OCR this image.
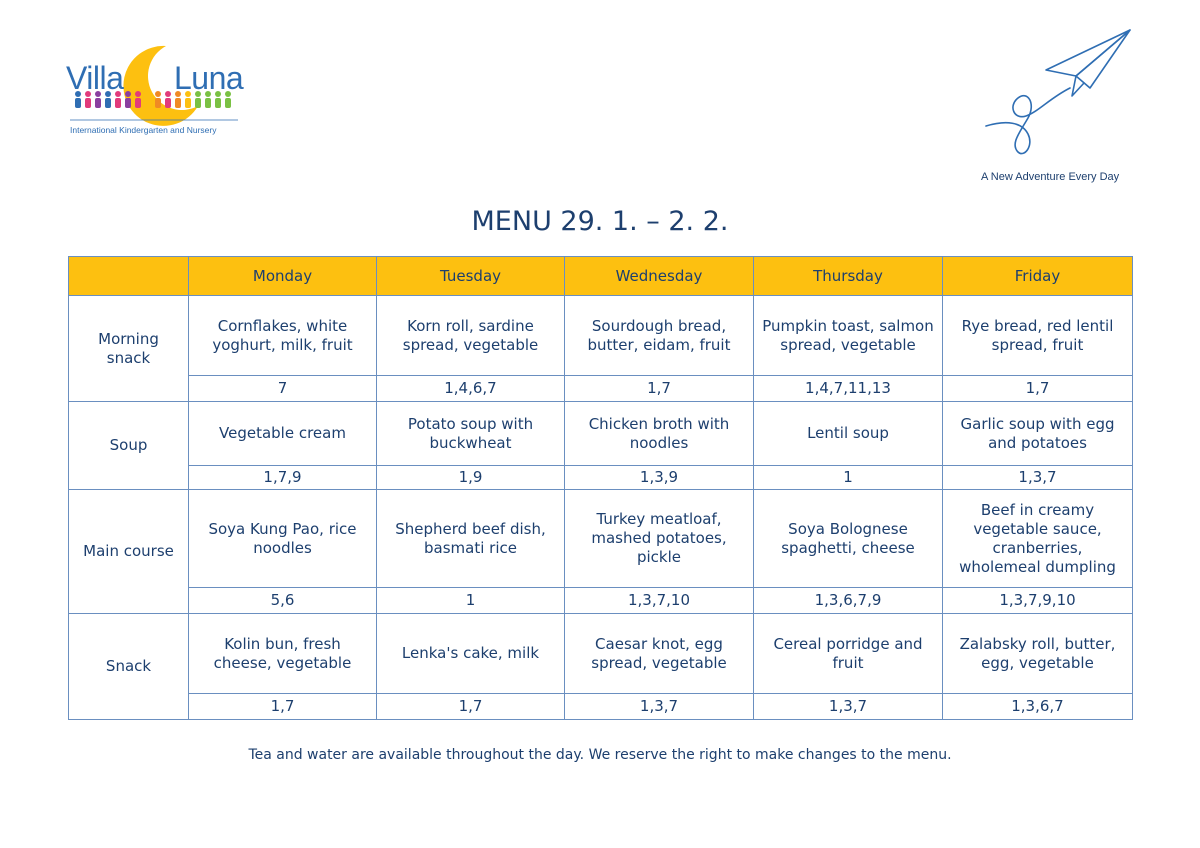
Villa Luna
International Kindergarten and Nursery
A New Adventure Every Day
MENU 29. 1. – 2. 2.
	Monday	Tuesday	Wednesday	Thursday	Friday
Morning snack	Cornflakes, white yoghurt, milk, fruit	Korn roll, sardine spread, vegetable	Sourdough bread, butter, eidam, fruit	Pumpkin toast, salmon spread, vegetable	Rye bread, red lentil spread, fruit
	7	1,4,6,7	1,7	1,4,7,11,13	1,7
Soup	Vegetable cream	Potato soup with buckwheat	Chicken broth with noodles	Lentil soup	Garlic soup with egg and potatoes
	1,7,9	1,9	1,3,9	1	1,3,7
Main course	Soya Kung Pao, rice noodles	Shepherd beef dish, basmati rice	Turkey meatloaf, mashed potatoes, pickle	Soya Bolognese spaghetti, cheese	Beef in creamy vegetable sauce, cranberries, wholemeal dumpling
	5,6	1	1,3,7,10	1,3,6,7,9	1,3,7,9,10
Snack	Kolin bun, fresh cheese, vegetable	Lenka's cake, milk	Caesar knot, egg spread, vegetable	Cereal porridge and fruit	Zalabsky roll, butter, egg, vegetable
	1,7	1,7	1,3,7	1,3,7	1,3,6,7
Tea and water are available throughout the day. We reserve the right to make changes to the menu.
